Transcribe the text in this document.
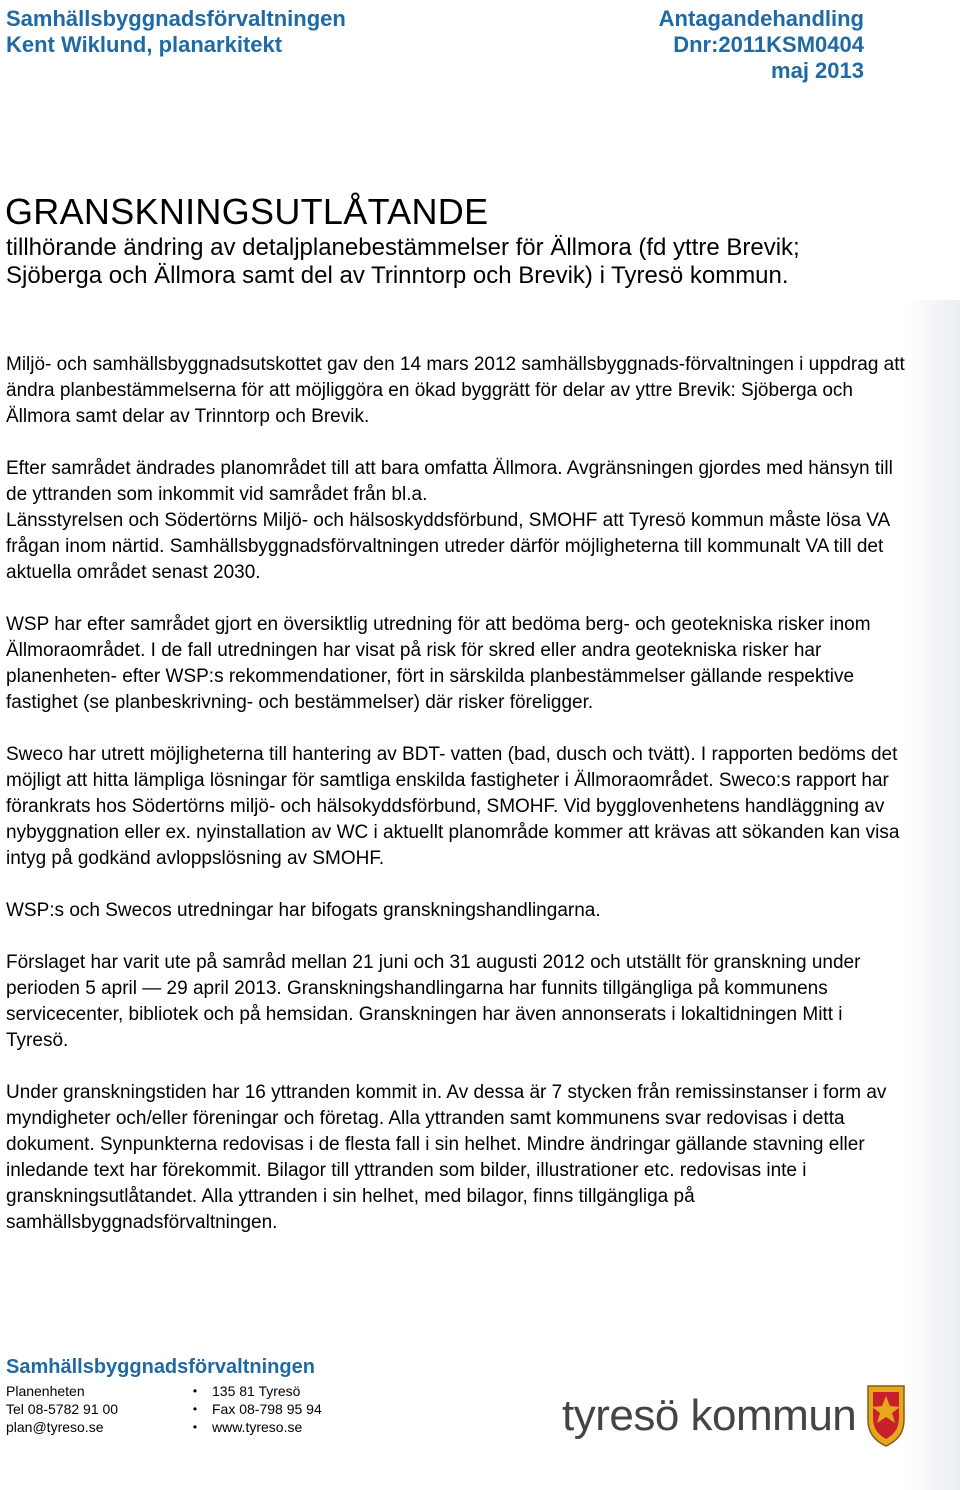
Samhällsbyggnadsförvaltningen
Kent Wiklund, planarkitekt
Antagandehandling
Dnr:2011KSM0404
maj 2013
GRANSKNINGSUTLÅTANDE
tillhörande ändring av detaljplanebestämmelser för Ällmora (fd yttre Brevik; Sjöberga och Ällmora samt del av Trinntorp och Brevik) i Tyresö kommun.

Miljö- och samhällsbyggnadsutskottet gav den 14 mars 2012 samhällsbyggnads-förvaltningen i uppdrag att ändra planbestämmelserna för att möjliggöra en ökad byggrätt för delar av yttre Brevik: Sjöberga och Ällmora samt delar av Trinntorp och Brevik.

Efter samrådet ändrades planområdet till att bara omfatta Ällmora. Avgränsningen gjordes med hänsyn till de yttranden som inkommit vid samrådet från bl.a.

Länsstyrelsen och Södertörns Miljö- och hälsoskyddsförbund, SMOHF att Tyresö kommun måste lösa VA frågan inom närtid. Samhällsbyggnadsförvaltningen utreder därför möjligheterna till kommunalt VA till det aktuella området senast 2030.

WSP har efter samrådet gjort en översiktlig utredning för att bedöma berg- och geotekniska risker inom Ällmoraområdet. I de fall utredningen har visat på risk för skred eller andra geotekniska risker har planenheten- efter WSP:s rekommendationer, fört in särskilda planbestämmelser gällande respektive fastighet (se planbeskrivning- och bestämmelser) där risker föreligger.

Sweco har utrett möjligheterna till hantering av BDT- vatten (bad, dusch och tvätt). I rapporten bedöms det möjligt att hitta lämpliga lösningar för samtliga enskilda fastigheter i Ällmoraområdet. Sweco:s rapport har förankrats hos Södertörns miljö- och hälsokyddsförbund, SMOHF. Vid bygglovenhetens handläggning av nybyggnation eller ex. nyinstallation av WC i aktuellt planområde kommer att krävas att sökanden kan visa intyg på godkänd avloppslösning av SMOHF.

WSP:s och Swecos utredningar har bifogats granskningshandlingarna.

Förslaget har varit ute på samråd mellan 21 juni och 31 augusti 2012 och utställt för granskning under perioden 5 april — 29 april 2013. Granskningshandlingarna har funnits tillgängliga på kommunens servicecenter, bibliotek och på hemsidan. Granskningen har även annonserats i lokaltidningen Mitt i Tyresö.

Under granskningstiden har 16 yttranden kommit in. Av dessa är 7 stycken från remissinstanser i form av myndigheter och/eller föreningar och företag. Alla yttranden samt kommunens svar redovisas i detta dokument. Synpunkterna redovisas i de flesta fall i sin helhet. Mindre ändringar gällande stavning eller inledande text har förekommit. Bilagor till yttranden som bilder, illustrationer etc. redovisas inte i granskningsutlåtandet. Alla yttranden i sin helhet, med bilagor, finns tillgängliga på samhällsbyggnadsförvaltningen.

Samhällsbyggnadsförvaltningen
Planenheten	•	135 81 Tyresö
Tel 08-5782 91 00	•	Fax 08-798 95 94
plan@tyreso.se	•	www.tyreso.se	tyresö kommun
